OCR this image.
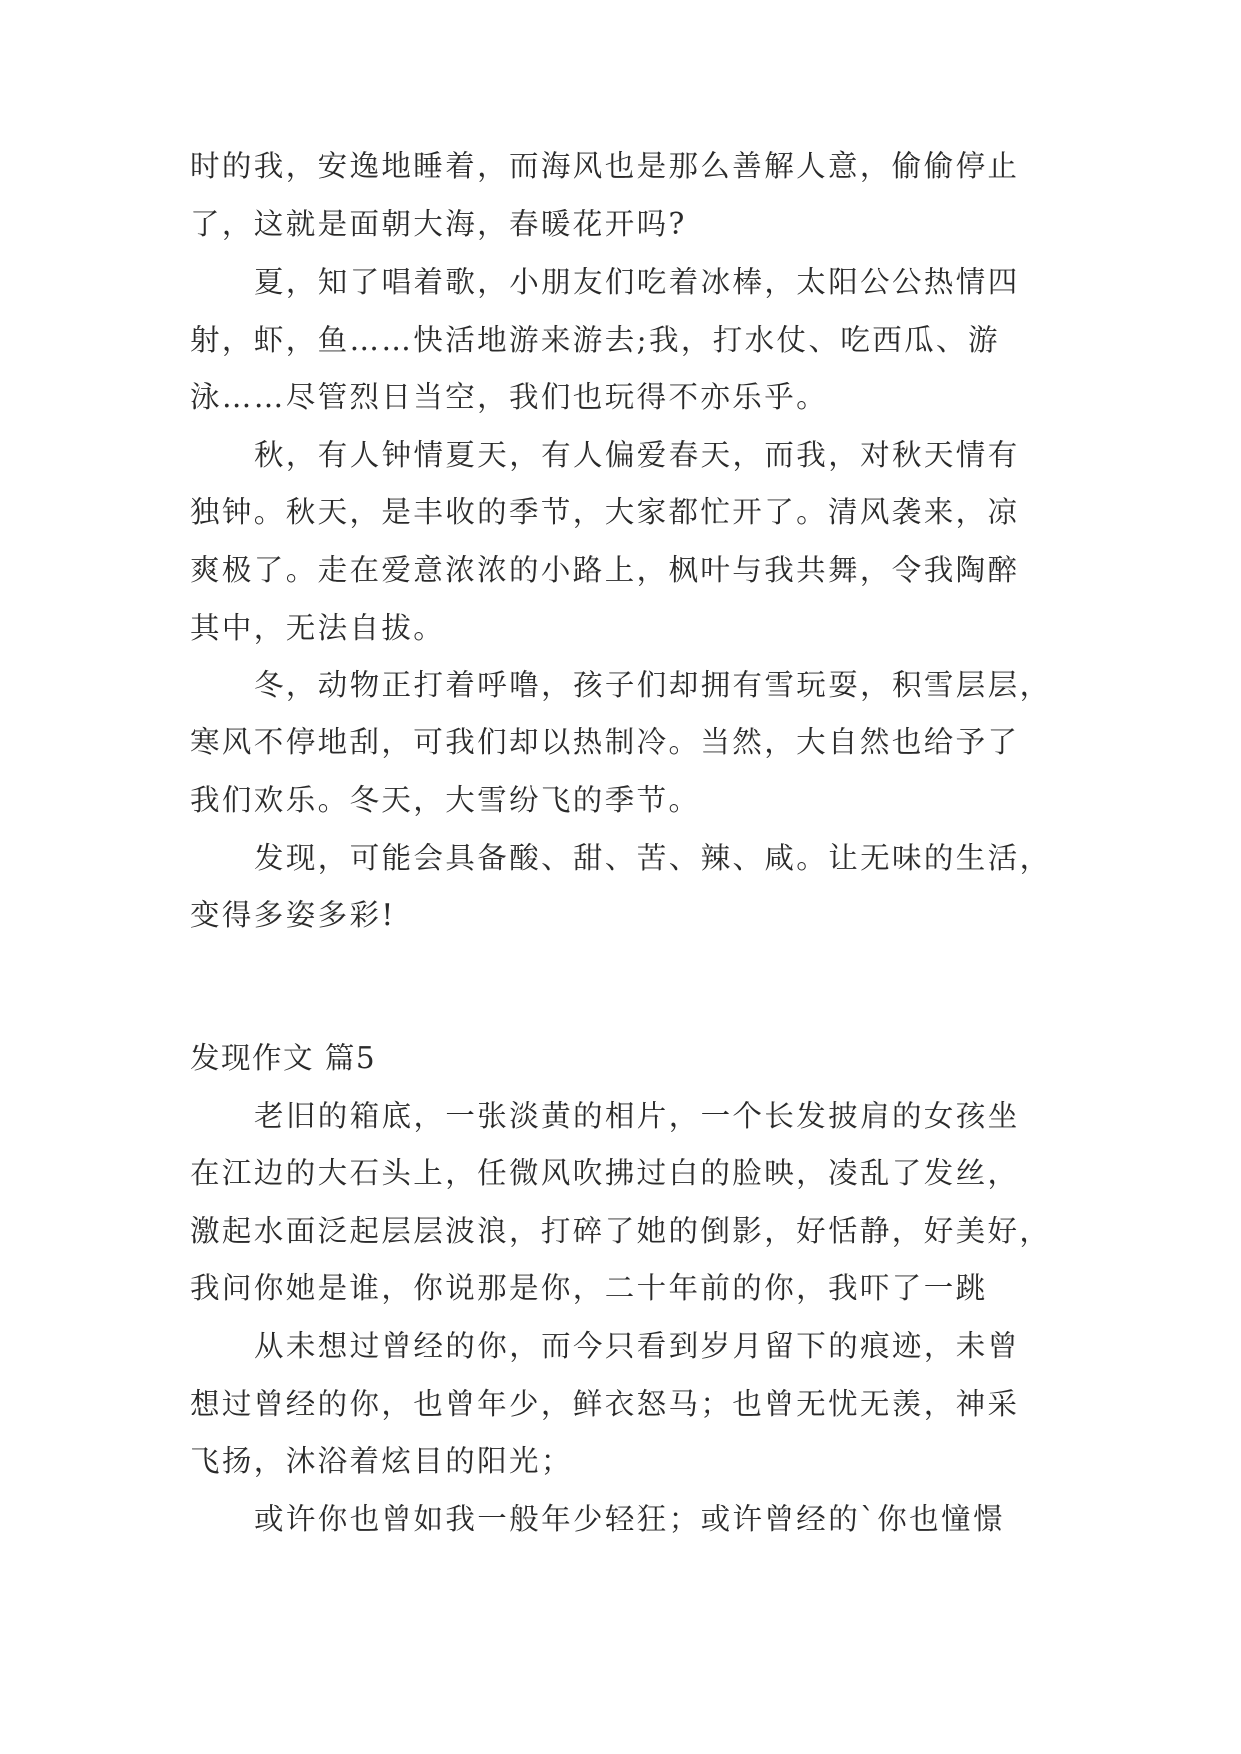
时的我，安逸地睡着，而海风也是那么善解人意，偷偷停止
了，这就是面朝大海，春暖花开吗?
夏，知了唱着歌，小朋友们吃着冰棒，太阳公公热情四
射，虾，鱼……快活地游来游去;我，打水仗、吃西瓜、游
泳……尽管烈日当空，我们也玩得不亦乐乎。
秋，有人钟情夏天，有人偏爱春天，而我，对秋天情有
独钟。秋天，是丰收的季节，大家都忙开了。清风袭来，凉
爽极了。走在爱意浓浓的小路上，枫叶与我共舞，令我陶醉
其中，无法自拔。
冬，动物正打着呼噜，孩子们却拥有雪玩耍，积雪层层，
寒风不停地刮，可我们却以热制冷。当然，大自然也给予了
我们欢乐。冬天，大雪纷飞的季节。
发现，可能会具备酸、甜、苦、辣、咸。让无味的生活，
变得多姿多彩!
发现作文 篇5
老旧的箱底，一张淡黄的相片，一个长发披肩的女孩坐
在江边的大石头上，任微风吹拂过白的脸映，凌乱了发丝，
激起水面泛起层层波浪，打碎了她的倒影，好恬静，好美好，
我问你她是谁，你说那是你，二十年前的你，我吓了一跳
从未想过曾经的你，而今只看到岁月留下的痕迹，未曾
想过曾经的你，也曾年少，鲜衣怒马；也曾无忧无羡，神采
飞扬，沐浴着炫目的阳光；
或许你也曾如我一般年少轻狂；或许曾经的`你也憧憬
